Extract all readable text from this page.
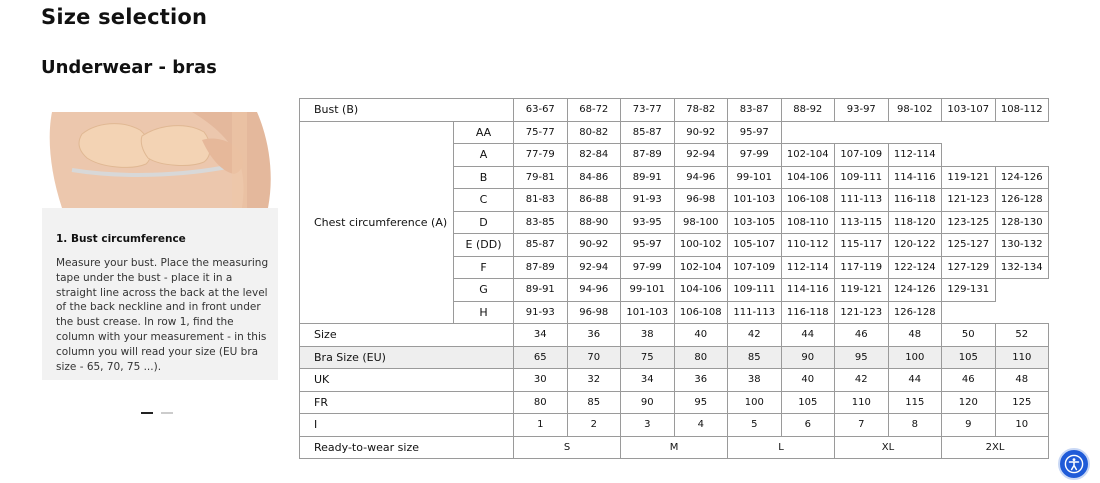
Size selection
Underwear - bras

1. Bust circumference

Measure your bust. Place the measuring tape under the bust - place it in a straight line across the back at the level of the back neckline and in front under the bust crease. In row 1, find the column with your measurement - in this column you will read your size (EU bra size - 65, 70, 75 ...).

Bust (B)		63-67	68-72	73-77	78-82	83-87	88-92	93-97	98-102	103-107	108-112
Chest circumference (A)	AA	75-77	80-82	85-87	90-92	95-97					
	A	77-79	82-84	87-89	92-94	97-99	102-104	107-109	112-114		
	B	79-81	84-86	89-91	94-96	99-101	104-106	109-111	114-116	119-121	124-126
	C	81-83	86-88	91-93	96-98	101-103	106-108	111-113	116-118	121-123	126-128
	D	83-85	88-90	93-95	98-100	103-105	108-110	113-115	118-120	123-125	128-130
	E (DD)	85-87	90-92	95-97	100-102	105-107	110-112	115-117	120-122	125-127	130-132
	F	87-89	92-94	97-99	102-104	107-109	112-114	117-119	122-124	127-129	132-134
	G	89-91	94-96	99-101	104-106	109-111	114-116	119-121	124-126	129-131	
	H	91-93	96-98	101-103	106-108	111-113	116-118	121-123	126-128		
Size		34	36	38	40	42	44	46	48	50	52
Bra Size (EU)		65	70	75	80	85	90	95	100	105	110
UK		30	32	34	36	38	40	42	44	46	48
FR		80	85	90	95	100	105	110	115	120	125
I		1	2	3	4	5	6	7	8	9	10
Ready-to-wear size		S		M		L		XL		2XL	
